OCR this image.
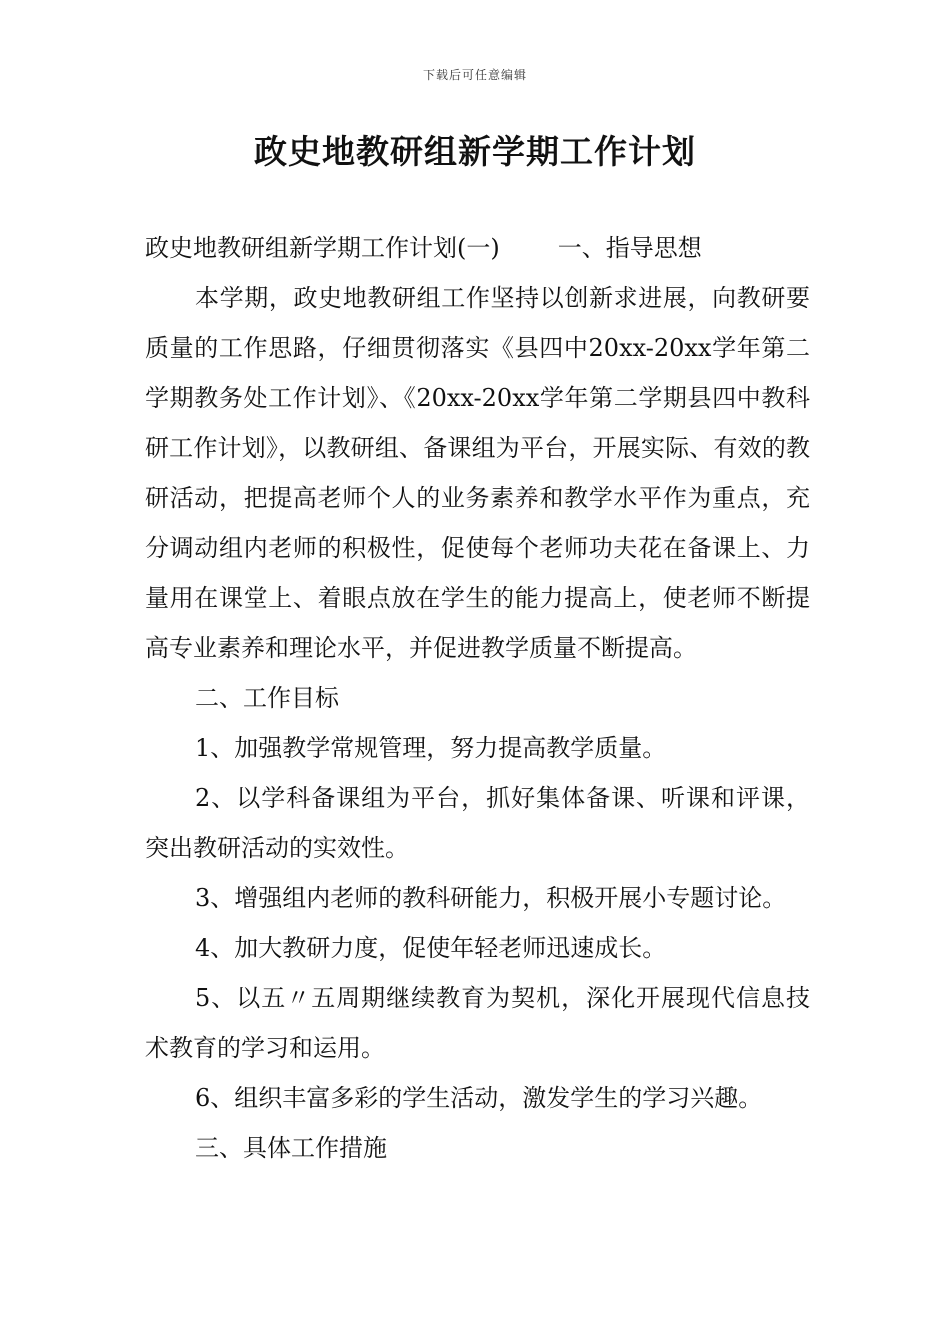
下载后可任意编辑
政史地教研组新学期工作计划

政史地教研组新学期工作计划(一) 一、指导思想

本学期，政史地教研组工作坚持以创新求进展，向教研要质量的工作思路，仔细贯彻落实《县四中20xx-20xx学年第二学期教务处工作计划》、《20xx-20xx学年第二学期县四中教科研工作计划》，以教研组、备课组为平台，开展实际、有效的教研活动，把提高老师个人的业务素养和教学水平作为重点，充分调动组内老师的积极性，促使每个老师功夫花在备课上、力量用在课堂上、着眼点放在学生的能力提高上，使老师不断提高专业素养和理论水平，并促进教学质量不断提高。

二、工作目标

1、加强教学常规管理，努力提高教学质量。

2、以学科备课组为平台，抓好集体备课、听课和评课，突出教研活动的实效性。

3、增强组内老师的教科研能力，积极开展小专题讨论。

4、加大教研力度，促使年轻老师迅速成长。

5、以五〃五周期继续教育为契机，深化开展现代信息技术教育的学习和运用。

6、组织丰富多彩的学生活动，激发学生的学习兴趣。

三、具体工作措施
